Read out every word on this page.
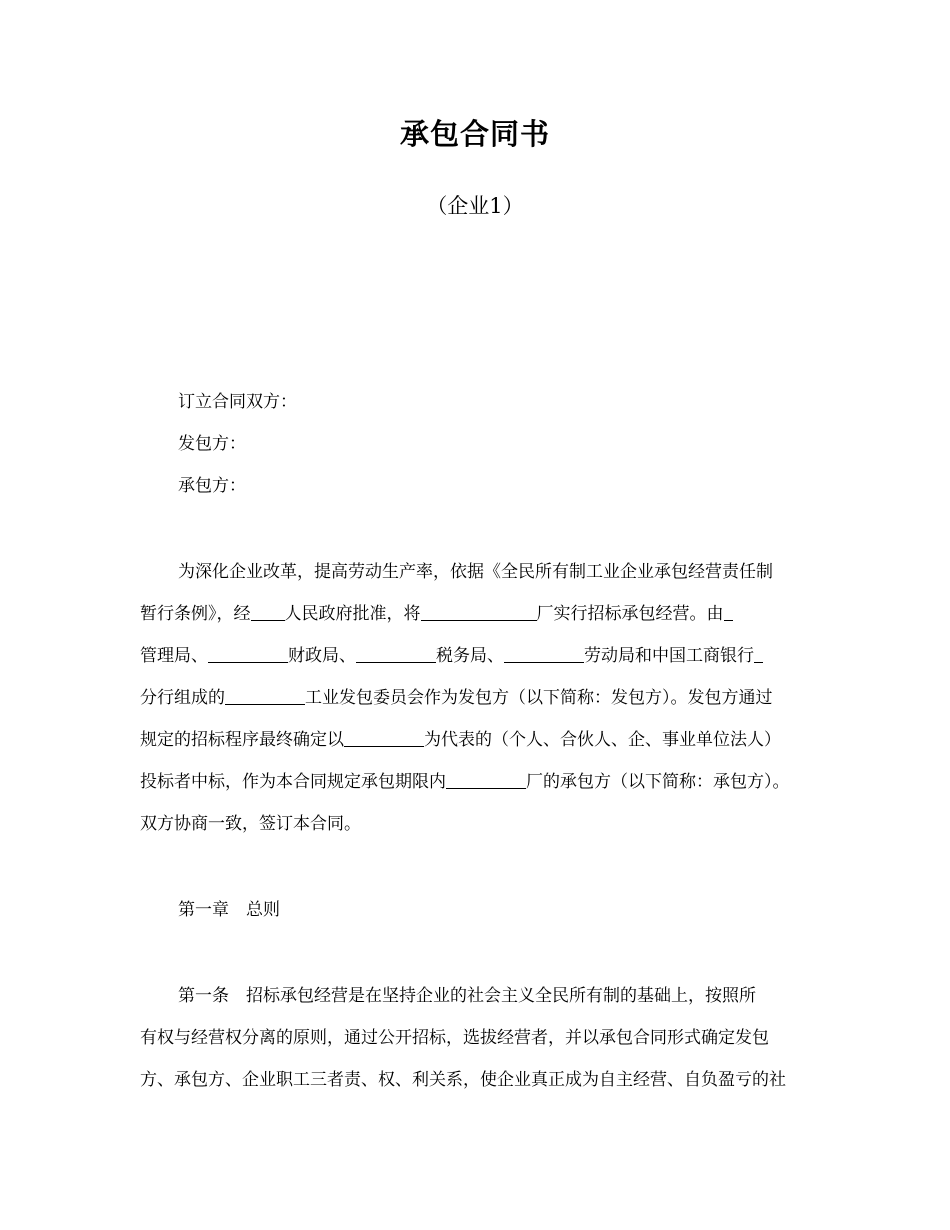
承包合同书
（企业1）
订立合同双方：
发包方：
承包方：
为深化企业改革，提高劳动生产率，依据《全民所有制工业企业承包经营责任制
暂行条例》，经 人民政府批准，将	厂实行招标承包经营。由
管理局、	财政局、	税务局、	劳动局和中国工商银行
分行组成的	工业发包委员会作为发包方（以下简称：发包方）。发包方通过
规定的招标程序最终确定以	为代表的（个人、合伙人、企、事业单位法人）
投标者中标，作为本合同规定承包期限内	厂的承包方（以下简称：承包方）。
双方协商一致，签订本合同。
第一章　总则
第一条　招标承包经营是在坚持企业的社会主义全民所有制的基础上，按照所
有权与经营权分离的原则，通过公开招标，选拔经营者，并以承包合同形式确定发包
方、承包方、企业职工三者责、权、利关系，使企业真正成为自主经营、自负盈亏的社
